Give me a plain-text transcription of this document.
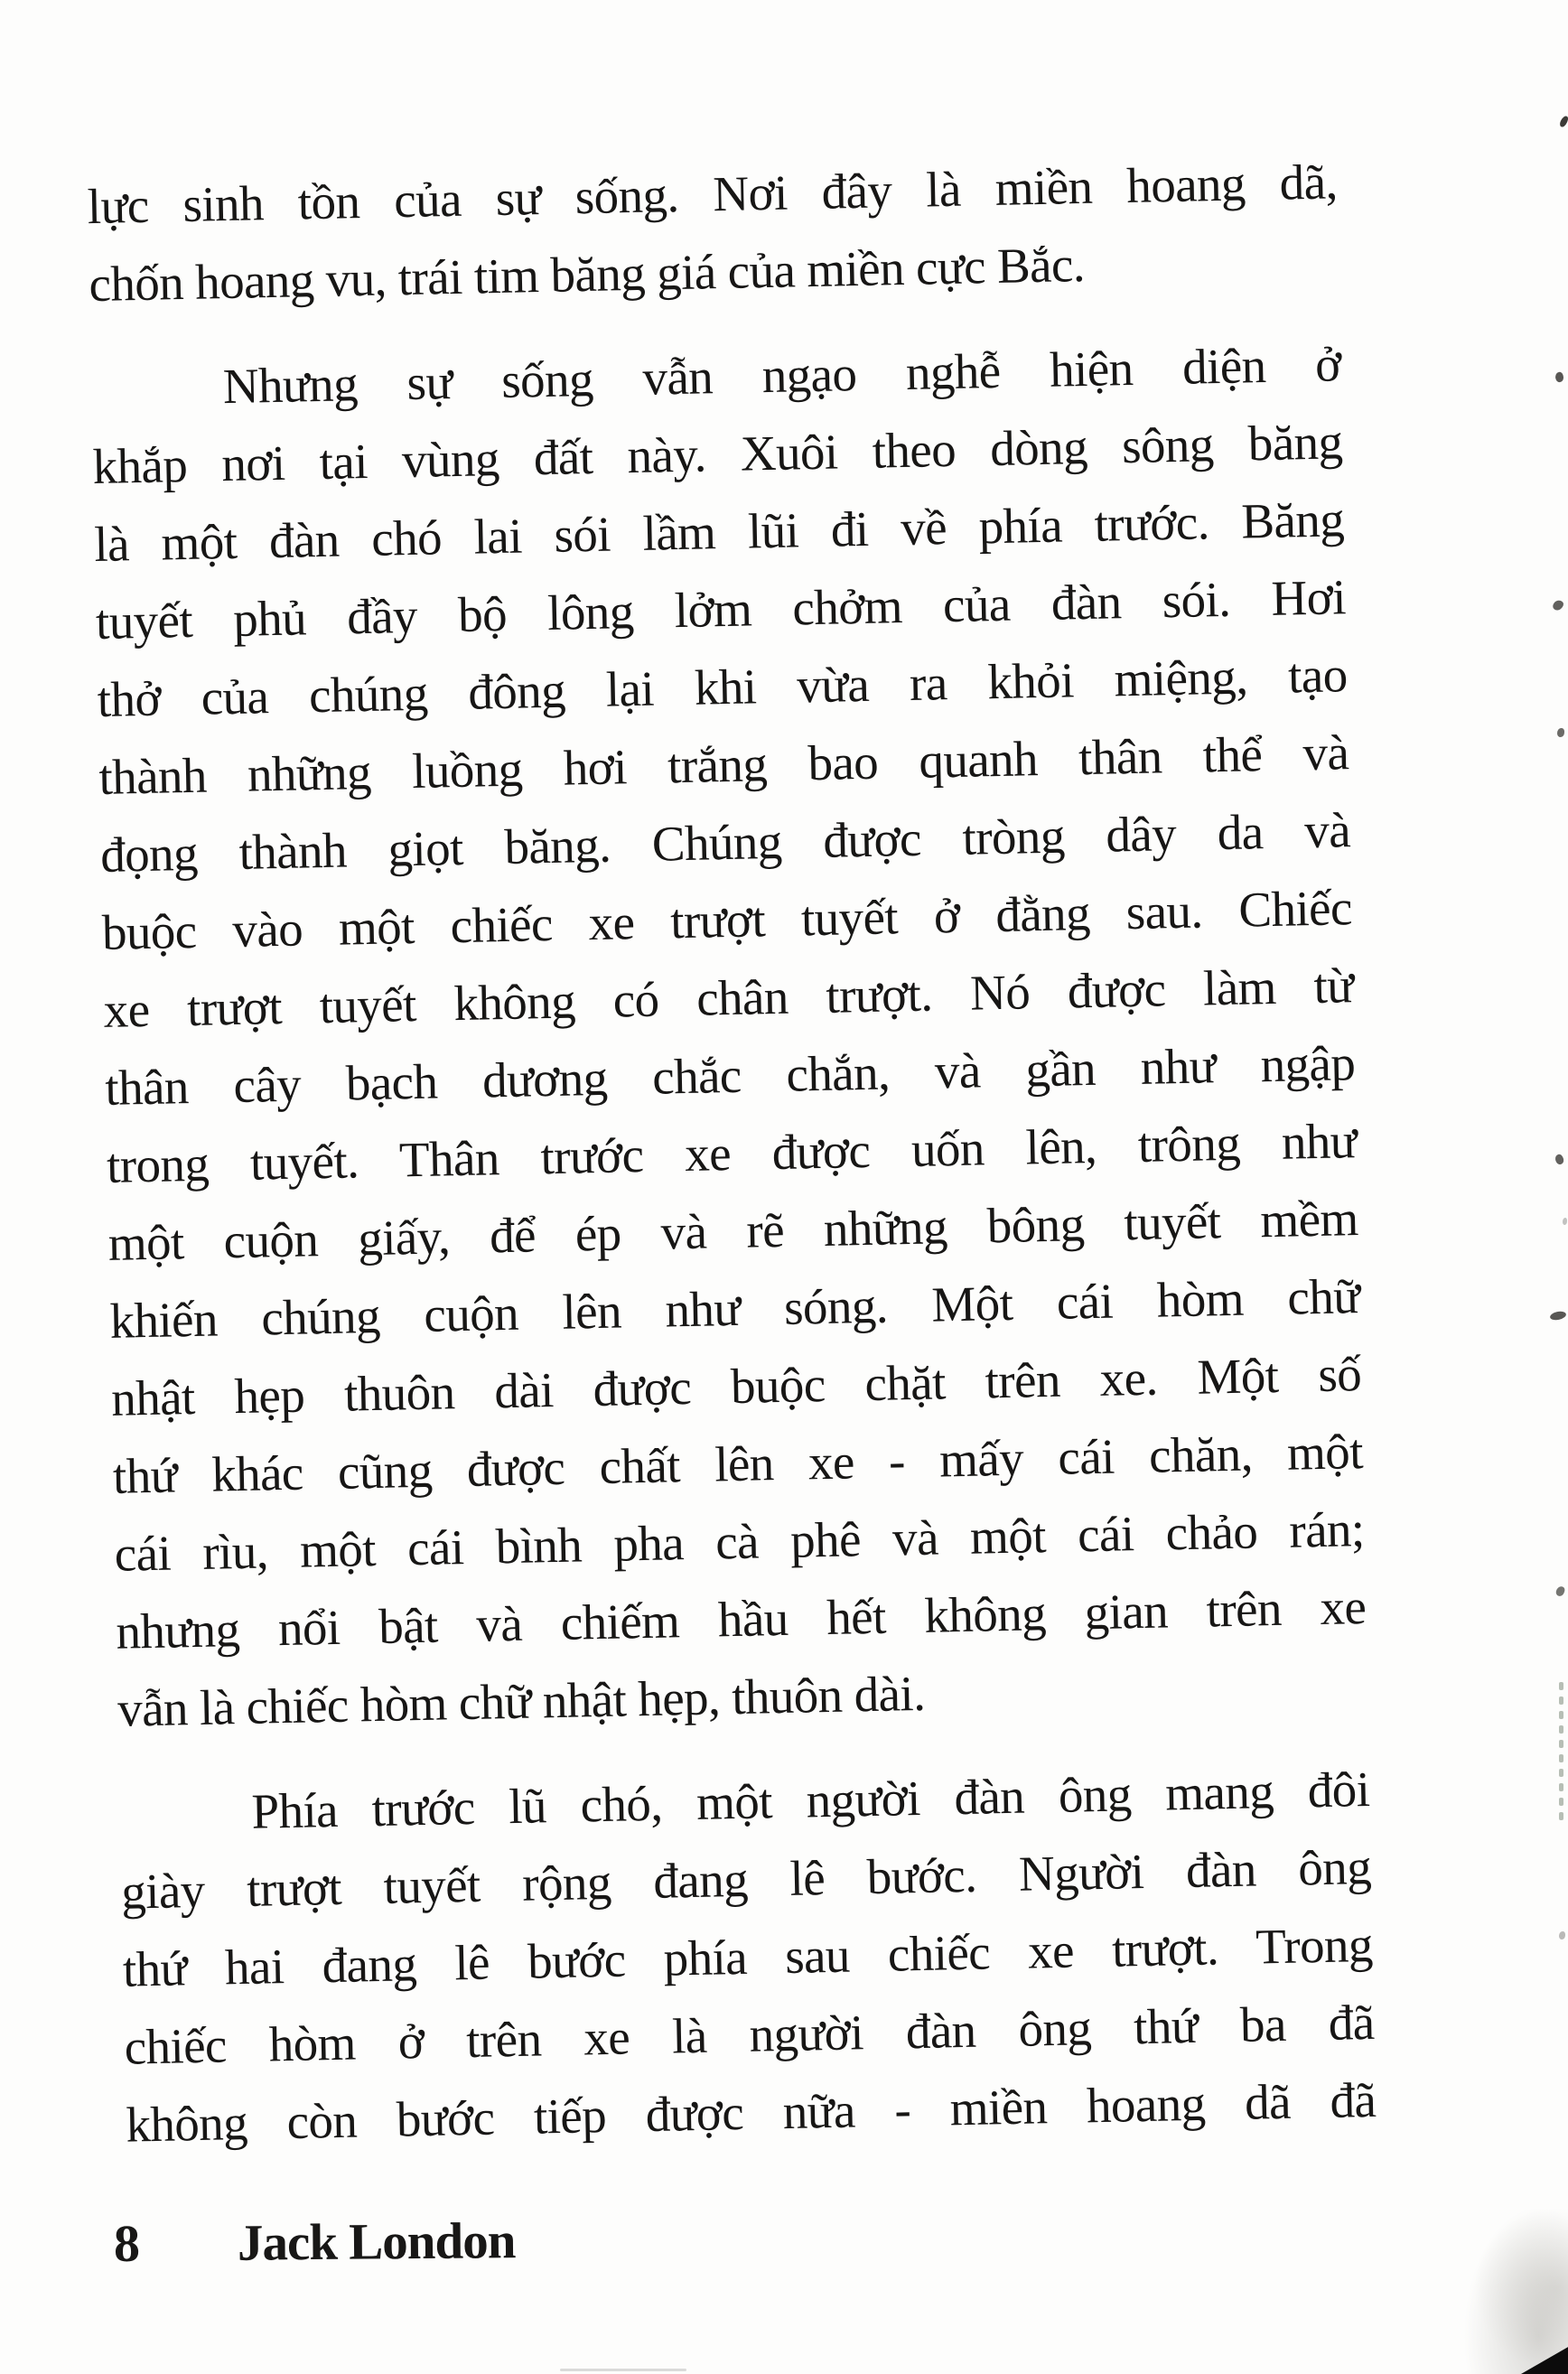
lực sinh tồn của sự sống. Nơi đây là miền hoang dã,
chốn hoang vu, trái tim băng giá của miền cực Bắc.
Nhưng sự sống vẫn ngạo nghễ hiện diện ở
khắp nơi tại vùng đất này. Xuôi theo dòng sông băng
là một đàn chó lai sói lầm lũi đi về phía trước. Băng
tuyết phủ đầy bộ lông lởm chởm của đàn sói. Hơi
thở của chúng đông lại khi vừa ra khỏi miệng, tạo
thành những luồng hơi trắng bao quanh thân thể và
đọng thành giọt băng. Chúng được tròng dây da và
buộc vào một chiếc xe trượt tuyết ở đằng sau. Chiếc
xe trượt tuyết không có chân trượt. Nó được làm từ
thân cây bạch dương chắc chắn, và gần như ngập
trong tuyết. Thân trước xe được uốn lên, trông như
một cuộn giấy, để ép và rẽ những bông tuyết mềm
khiến chúng cuộn lên như sóng. Một cái hòm chữ
nhật hẹp thuôn dài được buộc chặt trên xe. Một số
thứ khác cũng được chất lên xe - mấy cái chăn, một
cái rìu, một cái bình pha cà phê và một cái chảo rán;
nhưng nổi bật và chiếm hầu hết không gian trên xe
vẫn là chiếc hòm chữ nhật hẹp, thuôn dài.
Phía trước lũ chó, một người đàn ông mang đôi
giày trượt tuyết rộng đang lê bước. Người đàn ông
thứ hai đang lê bước phía sau chiếc xe trượt. Trong
chiếc hòm ở trên xe là người đàn ông thứ ba đã
không còn bước tiếp được nữa - miền hoang dã đã
8 Jack London
